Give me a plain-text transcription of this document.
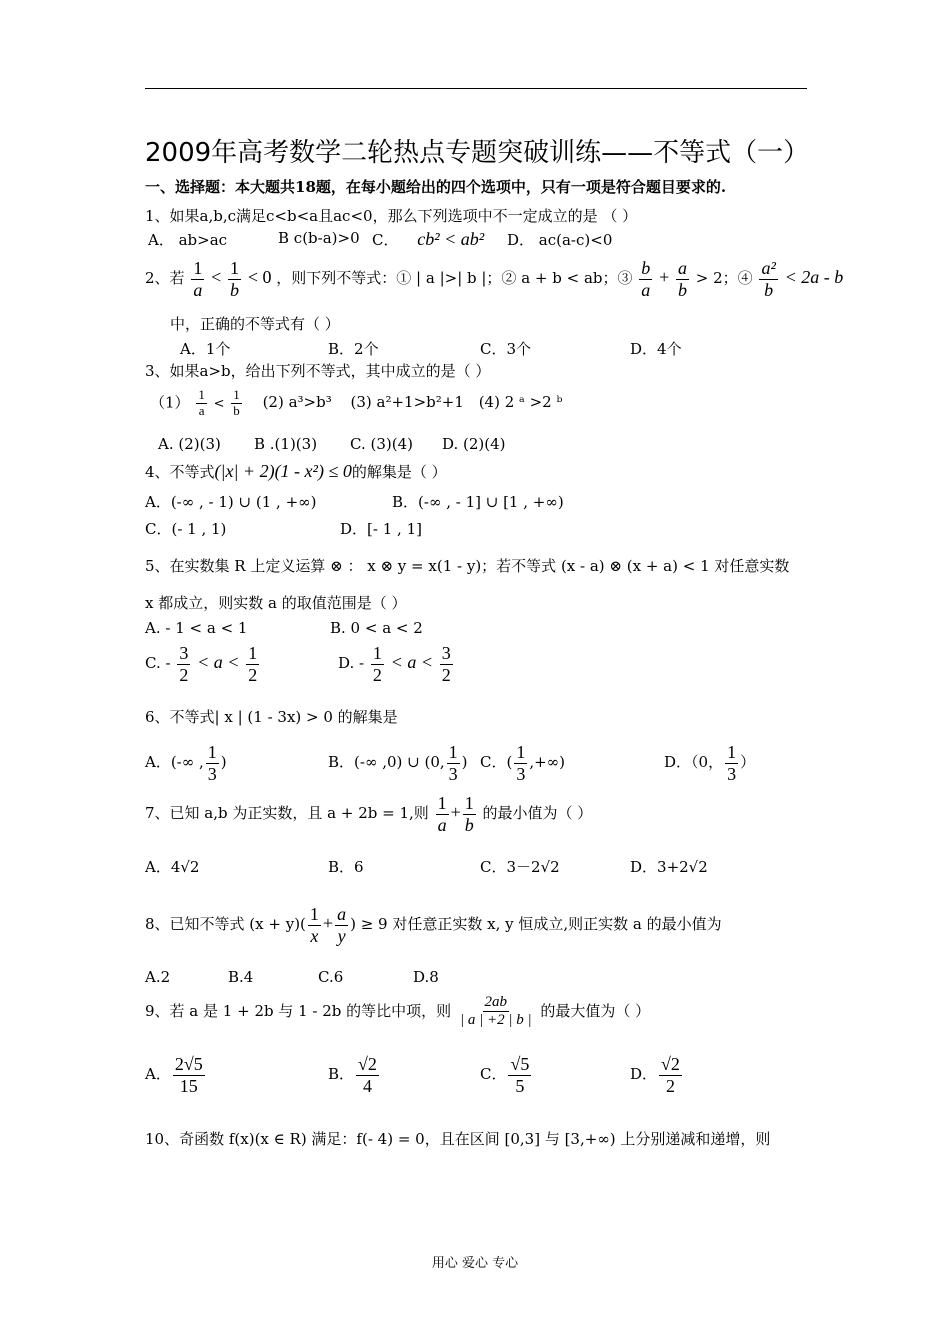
2009年高考数学二轮热点专题突破训练——不等式（一）
一、选择题：本大题共18题，在每小题给出的四个选项中，只有一项是符合题目要求的.
1、如果a,b,c满足c<b<a且ac<0，那么下列选项中不一定成立的是 （ ）
A． ab>ac	B c(b-a)>0 C． cb² < ab² D． ac(a-c)<0
2、若 $\frac{1}{a} < \frac{1}{b} < 0$ ，则下列不等式：① | a |>| b |；② a + b < ab；③ $\frac{b}{a} + \frac{a}{b} > 2$；④ $\frac{\text{a²}}{b} < 2a - b$
中，正确的不等式有（ ）
A．1个	B．2个	C．3个	D．4个
3、如果a>b，给出下列不等式，其中成立的是（ ）
$(1) \frac{1}{a} < \frac{1}{b} (2)$ a³>b³ (3) a²+1>b²+1 (4) 2 ᵃ >2 ᵇ
A. (2)(3) B .(1)(3) C. (3)(4) D. (2)(4)
4、不等式(|x| + 2)(1 - x²) ≤ 0的解集是（ ）
A．(-∞ , - 1) ∪ (1 , +∞)	B．(-∞ , - 1] ∪ [1 , +∞)
C．(- 1 , 1)	D．[- 1 , 1]
5、在实数集 R 上定义运算 ⊗ ： x ⊗ y = x(1 - y)；若不等式 (x - a) ⊗ (x + a) < 1 对任意实数
x 都成立，则实数 a 的取值范围是（ ）
A. - 1 < a < 1	B. 0 < a < 2
C. - $\frac{3}{2} < a < \frac{1}{2}$	D. - $\frac{1}{2} < a < \frac{3}{2}$
6、不等式| x | (1 - 3x) > 0 的解集是
A．(-∞ , $\frac{1}{3}$ )	B．(-∞ ,0) ∪ (0, $\frac{1}{3}$ ) C．( $\frac{1}{3}$ ,+∞)	D．（0， $\frac{1}{3}$ ）
7、已知 a,b 为正实数，且 a + 2b = 1,则 $\frac{1}{a} + \frac{1}{b}$ 的最小值为（ ）
A．4√2	B．6	C．3－2√2	D．3+2√2
8、已知不等式 $(x + y)( \frac{1}{x} + \frac{a}{y}$ ) ≥ 9 对任意正实数 x, y 恒成立,则正实数 a 的最小值为
A.2	B.4	C.6	D.8
9、若 a 是 1 + 2b 与 1 - 2b 的等比中项，则 $\frac{2ab}{| a | +2 | b |}$ 的最大值为（ ）
A． $\frac{2√5}{15}$	B． $\frac{√2}{4}$	C． $\frac{√5}{5}$	D． $\frac{√2}{2}$
10、奇函数 f(x)(x ∈ R) 满足：f(- 4) = 0，且在区间 [0,3] 与 [3,+∞) 上分别递减和递增，则
用心 爱心 专心
